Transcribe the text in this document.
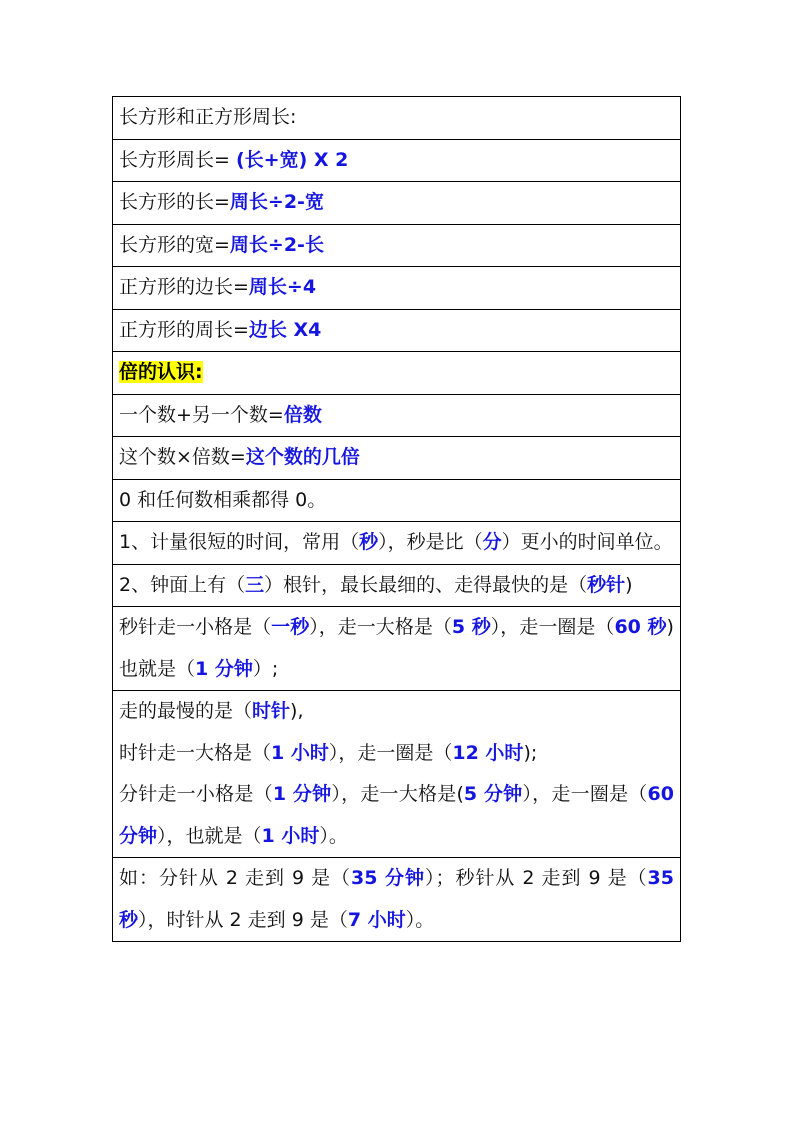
长方形和正方形周长:

长方形周长= (长+宽) X 2

长方形的长=周长÷2-宽

长方形的宽=周长÷2-长

正方形的边长=周长÷4

正方形的周长=边长 X4

倍的认识:

一个数+另一个数=倍数

这个数×倍数=这个数的几倍

0 和任何数相乘都得 0。

1、计量很短的时间，常用（秒），秒是比（分）更小的时间单位。

2、钟面上有（三）根针，最长最细的、走得最快的是（秒针)

秒针走一小格是（一秒），走一大格是（5 秒），走一圈是（60 秒)也就是（1 分钟）;

走的最慢的是（时针),
时针走一大格是（1 小时），走一圈是（12 小时);
分针走一小格是（1 分钟），走一大格是(5 分钟），走一圈是（60 分钟），也就是（1 小时）。

如：分针从 2 走到 9 是（35 分钟）；秒针从 2 走到 9 是（35 秒），时针从 2 走到 9 是（7 小时）。
